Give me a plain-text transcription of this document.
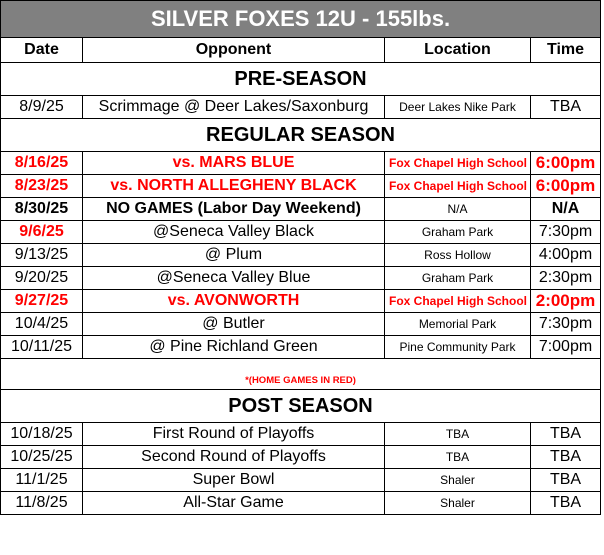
SILVER FOXES 12U - 155lbs.			
Date	Opponent	Location	Time
PRE-SEASON			
8/9/25	Scrimmage @ Deer Lakes/Saxonburg	Deer Lakes Nike Park	TBA
REGULAR SEASON			
8/16/25	vs. MARS BLUE	Fox Chapel High School	6:00pm
8/23/25	vs. NORTH ALLEGHENY BLACK	Fox Chapel High School	6:00pm
8/30/25	NO GAMES (Labor Day Weekend)	N/A	N/A
9/6/25	@Seneca Valley Black	Graham Park	7:30pm
9/13/25	@ Plum	Ross Hollow	4:00pm
9/20/25	@Seneca Valley Blue	Graham Park	2:30pm
9/27/25	vs. AVONWORTH	Fox Chapel High School	2:00pm
10/4/25	@ Butler	Memorial Park	7:30pm
10/11/25	@ Pine Richland Green	Pine Community Park	7:00pm

*(HOME GAMES IN RED)			
POST SEASON			
10/18/25	First Round of Playoffs	TBA	TBA
10/25/25	Second Round of Playoffs	TBA	TBA
11/1/25	Super Bowl	Shaler	TBA
11/8/25	All-Star Game	Shaler	TBA
